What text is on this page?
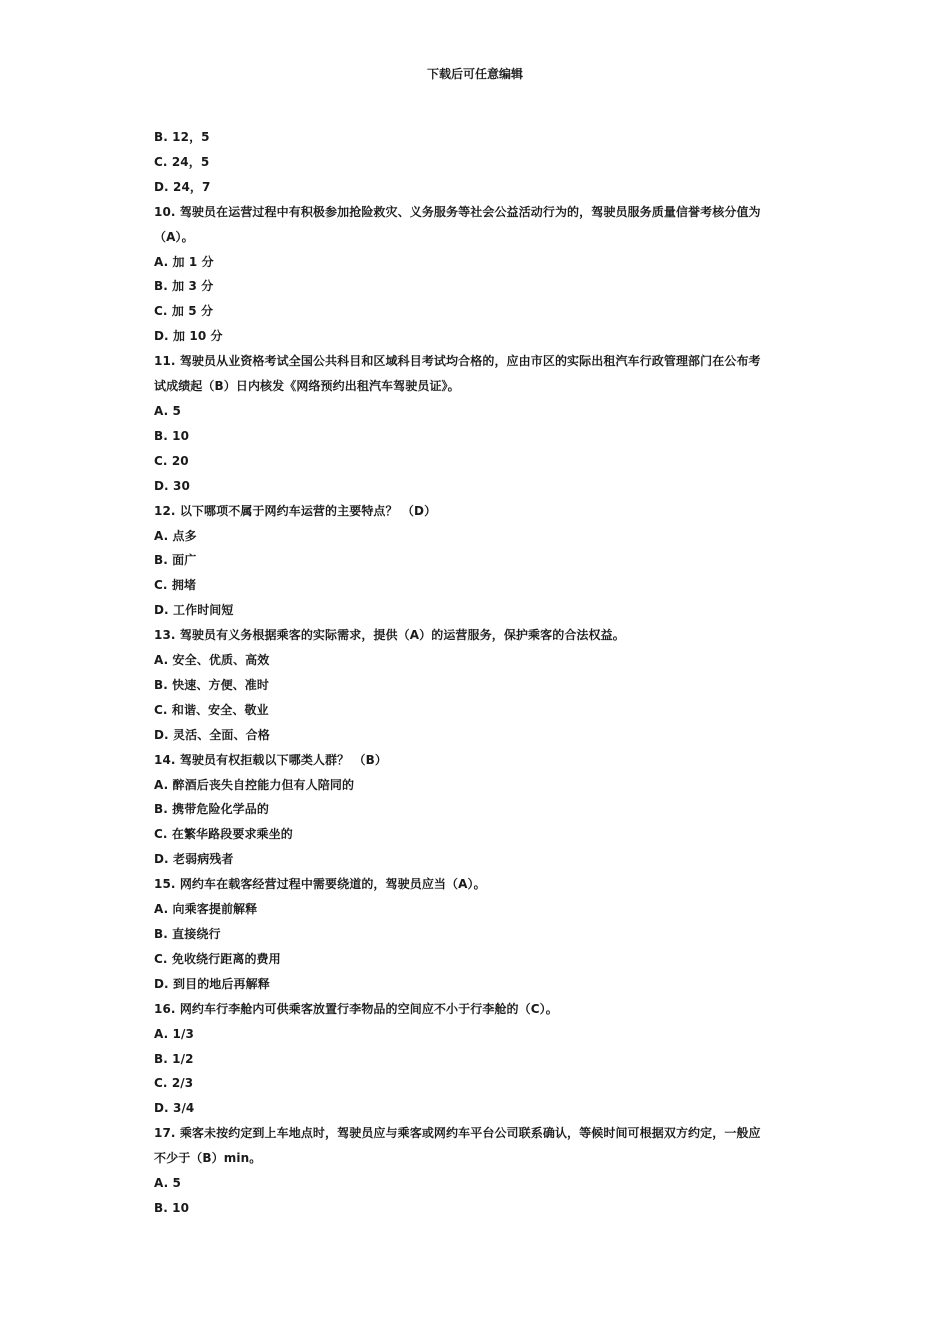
下载后可任意编辑
B. 12，5
C. 24，5
D. 24，7
10. 驾驶员在运营过程中有积极参加抢险救灾、义务服务等社会公益活动行为的，驾驶员服务质量信誉考核分值为
（A）。
A. 加 1 分
B. 加 3 分
C. 加 5 分
D. 加 10 分
11. 驾驶员从业资格考试全国公共科目和区域科目考试均合格的，应由市区的实际出租汽车行政管理部门在公布考
试成绩起（B）日内核发《网络预约出租汽车驾驶员证》。
A. 5
B. 10
C. 20
D. 30
12. 以下哪项不属于网约车运营的主要特点？ （D）
A. 点多
B. 面广
C. 拥堵
D. 工作时间短
13. 驾驶员有义务根据乘客的实际需求，提供（A）的运营服务，保护乘客的合法权益。
A. 安全、优质、高效
B. 快速、方便、准时
C. 和谐、安全、敬业
D. 灵活、全面、合格
14. 驾驶员有权拒载以下哪类人群？ （B）
A. 醉酒后丧失自控能力但有人陪同的
B. 携带危险化学品的
C. 在繁华路段要求乘坐的
D. 老弱病残者
15. 网约车在载客经营过程中需要绕道的，驾驶员应当（A）。
A. 向乘客提前解释
B. 直接绕行
C. 免收绕行距离的费用
D. 到目的地后再解释
16. 网约车行李舱内可供乘客放置行李物品的空间应不小于行李舱的（C）。
A. 1/3
B. 1/2
C. 2/3
D. 3/4
17. 乘客未按约定到上车地点时，驾驶员应与乘客或网约车平台公司联系确认，等候时间可根据双方约定，一般应
不少于（B）min。
A. 5
B. 10
